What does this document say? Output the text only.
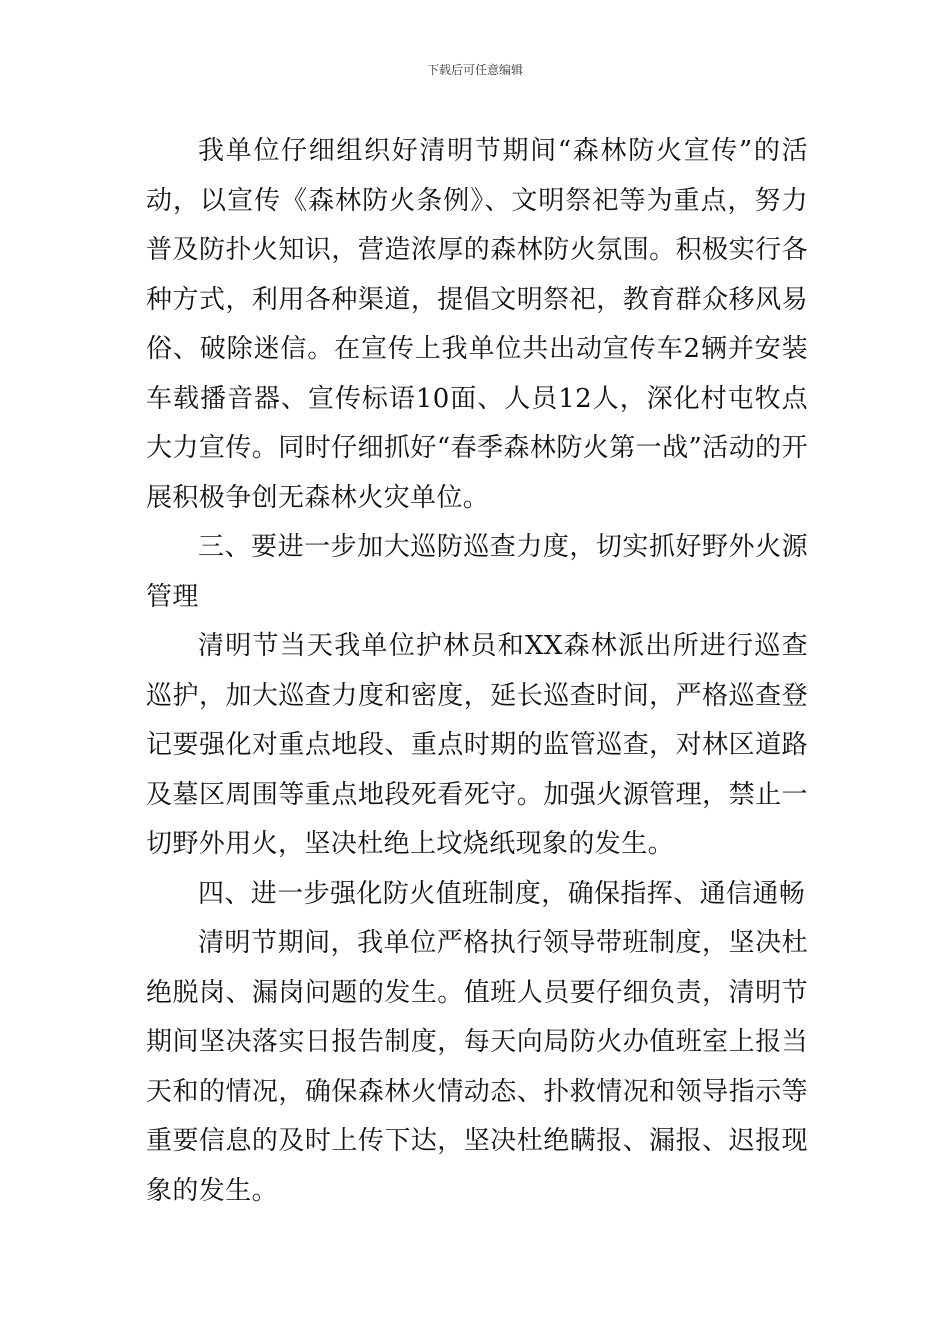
下载后可任意编辑

我单位仔细组织好清明节期间“森林防火宣传”的活动，以宣传《森林防火条例》、文明祭祀等为重点，努力普及防扑火知识，营造浓厚的森林防火氛围。积极实行各种方式，利用各种渠道，提倡文明祭祀，教育群众移风易俗、破除迷信。在宣传上我单位共出动宣传车2辆并安装车载播音器、宣传标语10面、人员12人，深化村屯牧点大力宣传。同时仔细抓好“春季森林防火第一战”活动的开展积极争创无森林火灾单位。

三、要进一步加大巡防巡查力度，切实抓好野外火源管理

清明节当天我单位护林员和XX森林派出所进行巡查巡护，加大巡查力度和密度，延长巡查时间，严格巡查登记要强化对重点地段、重点时期的监管巡查，对林区道路及墓区周围等重点地段死看死守。加强火源管理，禁止一切野外用火，坚决杜绝上坟烧纸现象的发生。

四、进一步强化防火值班制度，确保指挥、通信通畅

清明节期间，我单位严格执行领导带班制度，坚决杜绝脱岗、漏岗问题的发生。值班人员要仔细负责，清明节期间坚决落实日报告制度，每天向局防火办值班室上报当天和的情况，确保森林火情动态、扑救情况和领导指示等重要信息的及时上传下达，坚决杜绝瞒报、漏报、迟报现象的发生。
